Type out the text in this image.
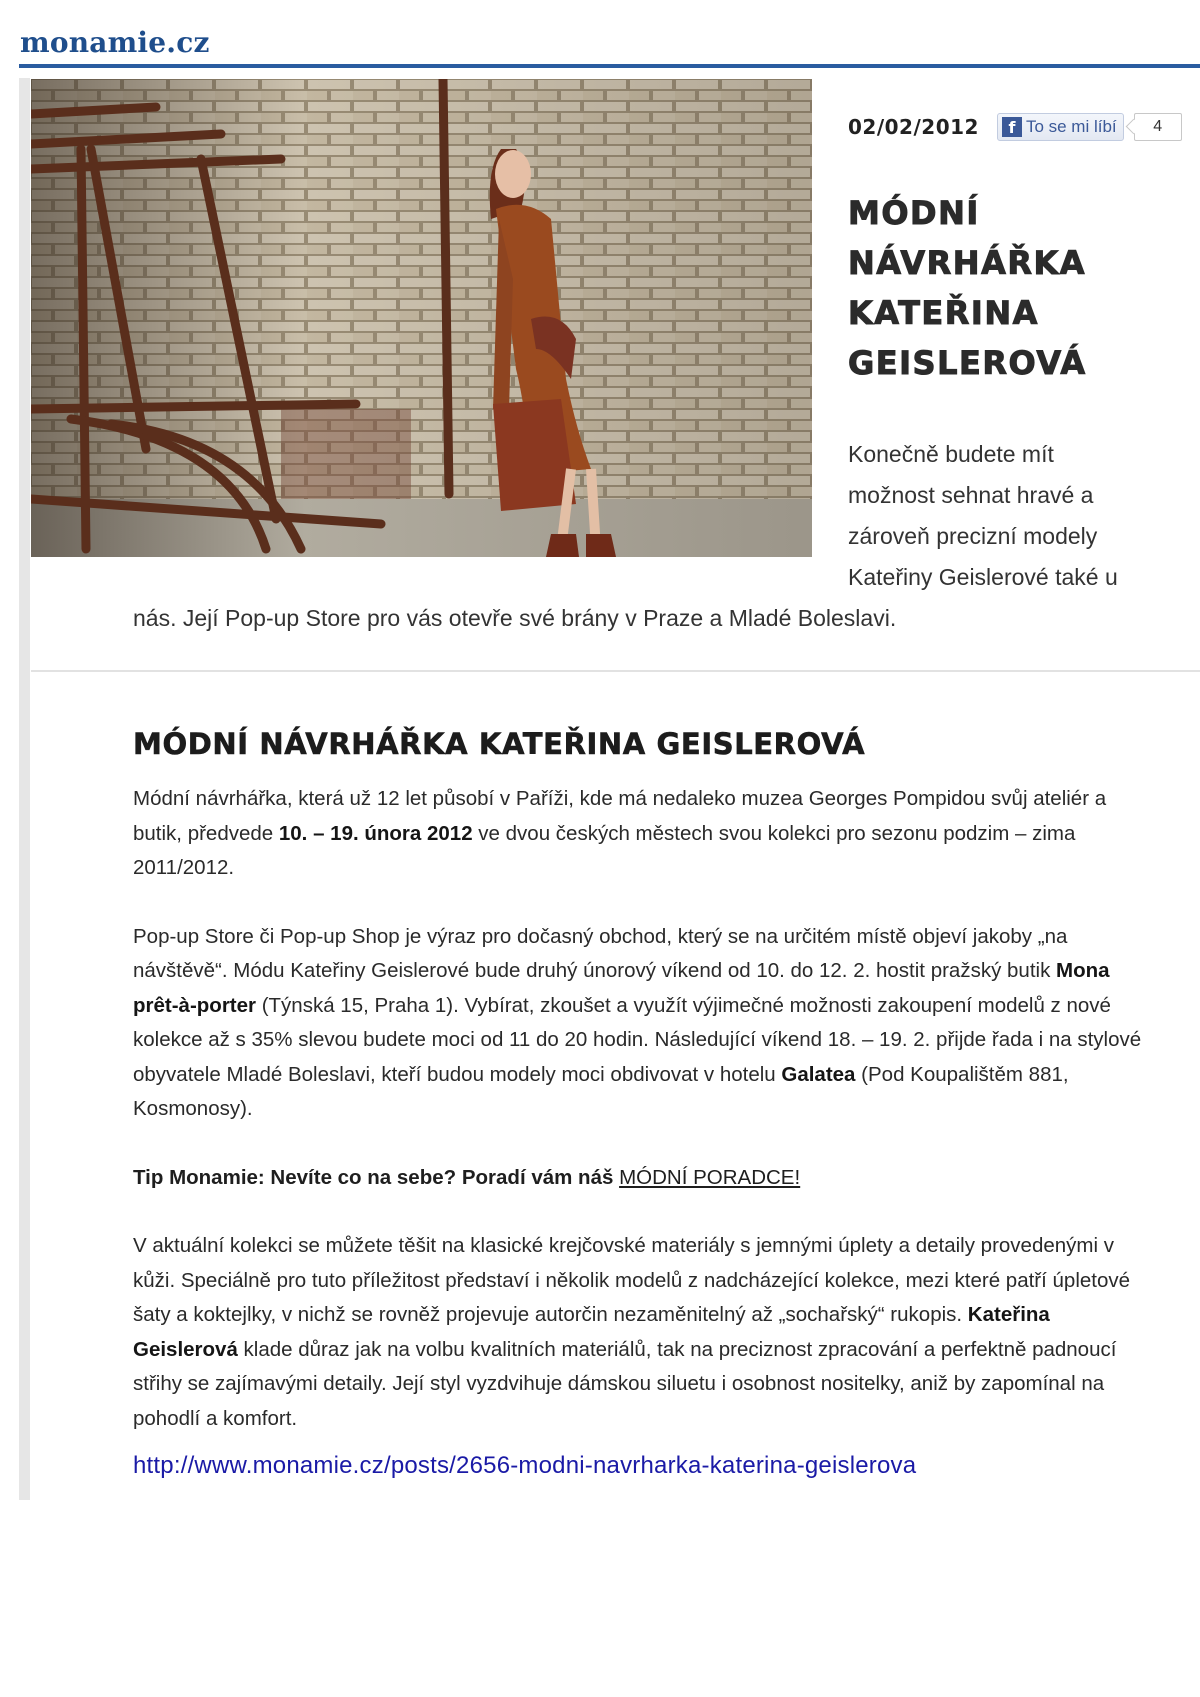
monamie.cz
02/02/2012	f To se mi líbí	4
MÓDNÍ
NÁVRHÁŘKA
KATEŘINA
GEISLEROVÁ
Konečně budete mít možnost sehnat hravé a zároveň precizní modely Kateřiny Geislerové také u nás. Její Pop-up Store pro vás otevře své brány v Praze a Mladé Boleslavi.
MÓDNÍ NÁVRHÁŘKA KATEŘINA GEISLEROVÁ

Módní návrhářka, která už 12 let působí v Paříži, kde má nedaleko muzea Georges Pompidou svůj ateliér a butik, předvede 10. – 19. února 2012 ve dvou českých městech svou kolekci pro sezonu podzim – zima 2011/2012.

Pop-up Store či Pop-up Shop je výraz pro dočasný obchod, který se na určitém místě objeví jakoby „na návštěvě“. Módu Kateřiny Geislerové bude druhý únorový víkend od 10. do 12. 2. hostit pražský butik Mona prêt-à-porter (Týnská 15, Praha 1). Vybírat, zkoušet a využít výjimečné možnosti zakoupení modelů z nové kolekce až s 35% slevou budete moci od 11 do 20 hodin. Následující víkend 18. – 19. 2. přijde řada i na stylové obyvatele Mladé Boleslavi, kteří budou modely moci obdivovat v hotelu Galatea (Pod Koupalištěm 881, Kosmonosy).

Tip Monamie: Nevíte co na sebe? Poradí vám náš MÓDNÍ PORADCE!

V aktuální kolekci se můžete těšit na klasické krejčovské materiály s jemnými úplety a detaily provedenými v kůži. Speciálně pro tuto příležitost představí i několik modelů z nadcházející kolekce, mezi které patří úpletové šaty a koktejlky, v nichž se rovněž projevuje autorčin nezaměnitelný až „sochařský“ rukopis. Kateřina Geislerová klade důraz jak na volbu kvalitních materiálů, tak na preciznost zpracování a perfektně padnoucí střihy se zajímavými detaily. Její styl vyzdvihuje dámskou siluetu i osobnost nositelky, aniž by zapomínal na pohodlí a komfort.

http://www.monamie.cz/posts/2656-modni-navrharka-katerina-geislerova
